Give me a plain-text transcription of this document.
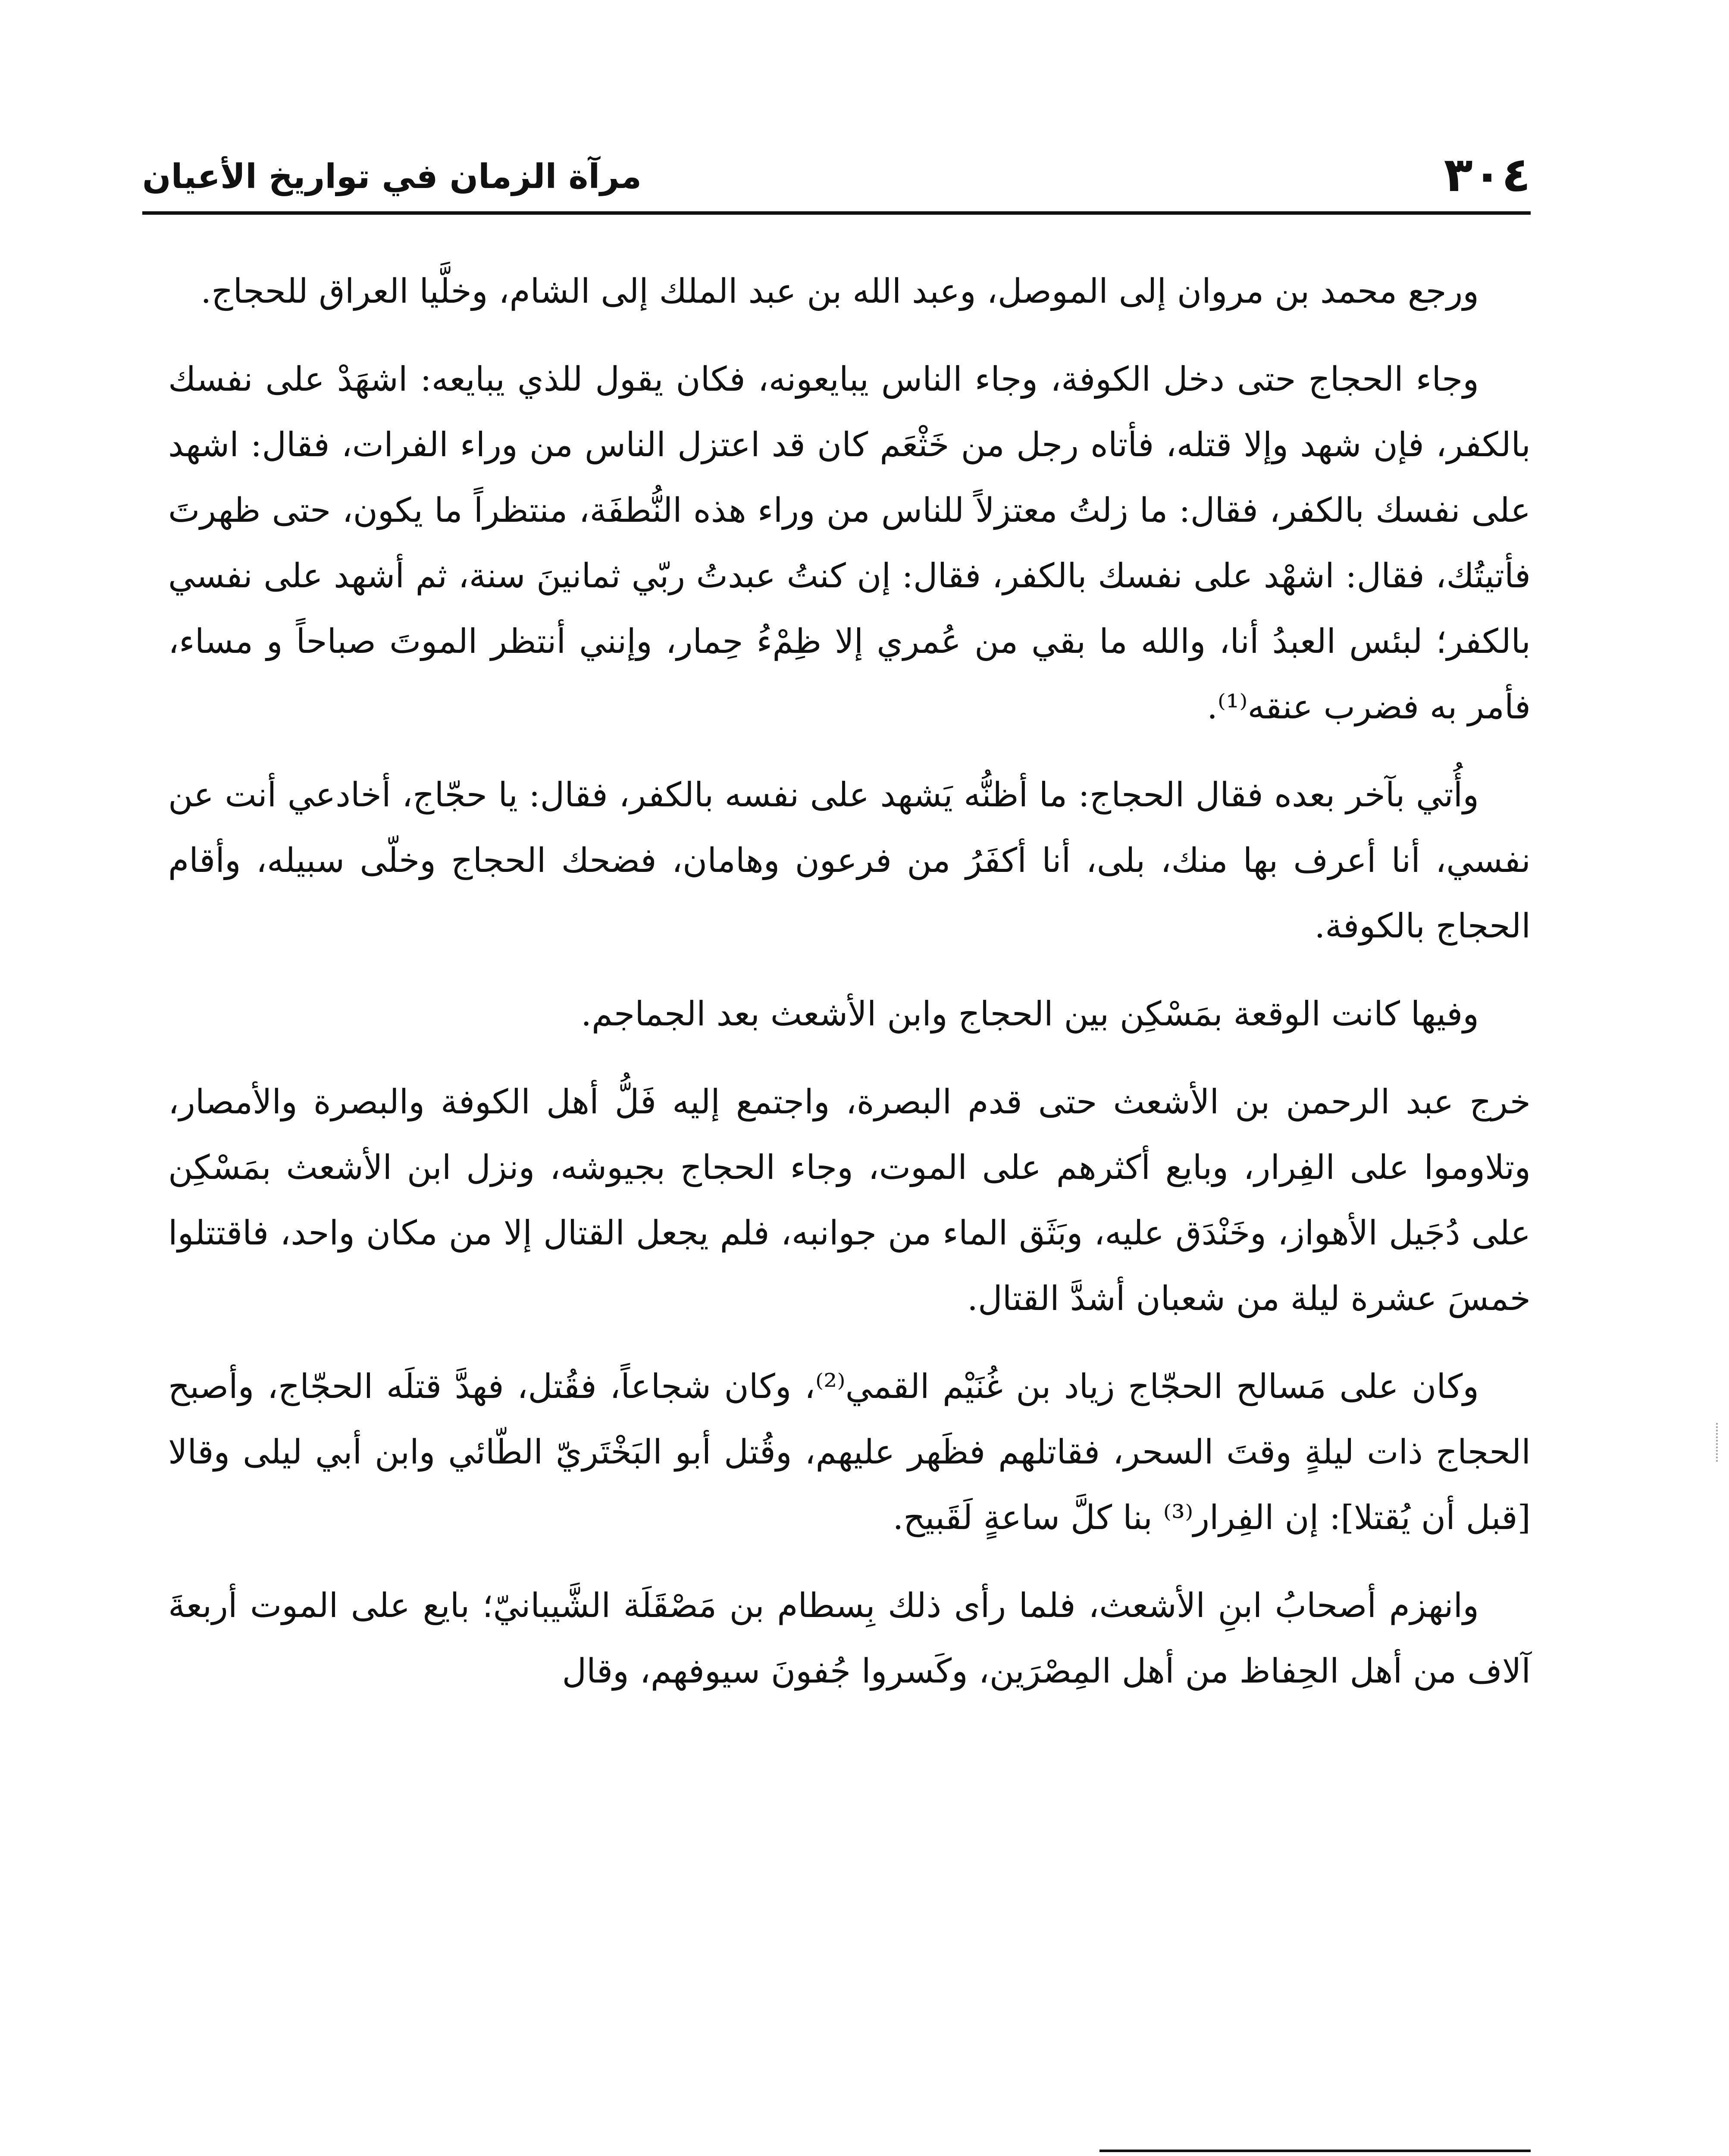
٣٠٤
مرآة الزمان في تواريخ الأعيان

ورجع محمد بن مروان إلى الموصل، وعبد الله بن عبد الملك إلى الشام، وخلَّيا العراق للحجاج.

وجاء الحجاج حتى دخل الكوفة، وجاء الناس يبايعونه، فكان يقول للذي يبايعه: اشهَدْ على نفسك بالكفر، فإن شهد وإلا قتله، فأتاه رجل من خَثْعَم كان قد اعتزل الناس من وراء الفرات، فقال: اشهد على نفسك بالكفر، فقال: ما زلتُ معتزلاً للناس من وراء هذه النُّطفَة، منتظراً ما يكون، حتى ظهرتَ فأتيتُك، فقال: اشهْد على نفسك بالكفر، فقال: إن كنتُ عبدتُ ربّي ثمانينَ سنة، ثم أشهد على نفسي بالكفر؛ لبئس العبدُ أنا، والله ما بقي من عُمري إلا ظِمْءُ حِمار، وإنني أنتظر الموتَ صباحاً و مساء، فأمر به فضرب عنقه⁽¹⁾.

وأُتي بآخر بعده فقال الحجاج: ما أظنُّه يَشهد على نفسه بالكفر، فقال: يا حجّاج، أخادعي أنت عن نفسي، أنا أعرف بها منك، بلى، أنا أكفَرُ من فرعون وهامان، فضحك الحجاج وخلّى سبيله، وأقام الحجاج بالكوفة.

وفيها كانت الوقعة بمَسْكِن بين الحجاج وابن الأشعث بعد الجماجم.

خرج عبد الرحمن بن الأشعث حتى قدم البصرة، واجتمع إليه فَلُّ أهل الكوفة والبصرة والأمصار، وتلاوموا على الفِرار، وبايع أكثرهم على الموت، وجاء الحجاج بجيوشه، ونزل ابن الأشعث بمَسْكِن على دُجَيل الأهواز، وخَنْدَق عليه، وبَثَق الماء من جوانبه، فلم يجعل القتال إلا من مكان واحد، فاقتتلوا خمسَ عشرة ليلة من شعبان أشدَّ القتال.

وكان على مَسالح الحجّاج زياد بن غُنَيْم القمي⁽²⁾، وكان شجاعاً، فقُتل، فهدَّ قتلَه الحجّاج، وأصبح الحجاج ذات ليلةٍ وقتَ السحر، فقاتلهم فظَهر عليهم، وقُتل أبو البَخْتَريّ الطّائي وابن أبي ليلى وقالا [قبل أن يُقتلا]: إن الفِرار⁽³⁾ بنا كلَّ ساعةٍ لَقَبيح.

وانهزم أصحابُ ابنِ الأشعث، فلما رأى ذلك بِسطام بن مَصْقَلَة الشَّيبانيّ؛ بايع على الموت أربعةَ آلاف من أهل الحِفاظ من أهل المِصْرَين، وكَسروا جُفونَ سيوفهم، وقال
